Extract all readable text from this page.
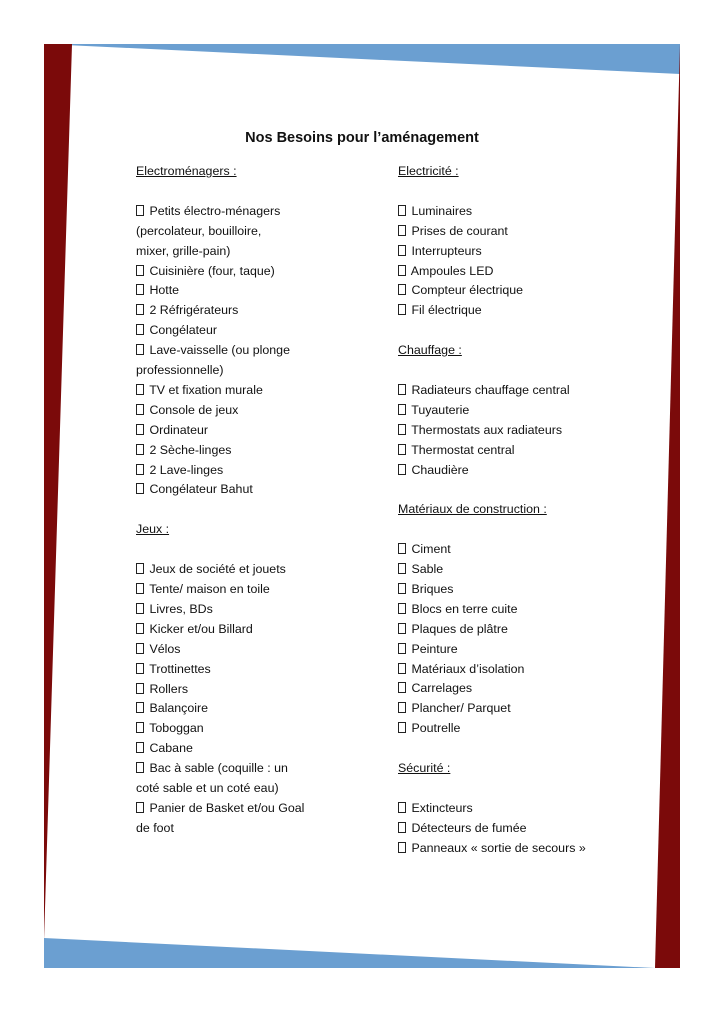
Nos Besoins pour l’aménagement
Electroménagers :
Petits électro-ménagers
(percolateur, bouilloire,
mixer, grille-pain)
Cuisinière (four, taque)
Hotte
2 Réfrigérateurs
Congélateur
Lave-vaisselle (ou plonge
professionnelle)
TV et fixation murale
Console de jeux
Ordinateur
2 Sèche-linges
2 Lave-linges
Congélateur Bahut
Jeux :
Jeux de société et jouets
Tente/ maison en toile
Livres, BDs
Kicker et/ou Billard
Vélos
Trottinettes
Rollers
Balançoire
Toboggan
Cabane
Bac à sable (coquille : un
coté sable et un coté eau)
Panier de Basket et/ou Goal
de foot
Electricité :
Luminaires
Prises de courant
Interrupteurs
Ampoules LED
Compteur électrique
Fil électrique
Chauffage :
Radiateurs chauffage central
Tuyauterie
Thermostats aux radiateurs
Thermostat central
Chaudière
Matériaux de construction :
Ciment
Sable
Briques
Blocs en terre cuite
Plaques de plâtre
Peinture
Matériaux d’isolation
Carrelages
Plancher/ Parquet
Poutrelle
Sécurité :
Extincteurs
Détecteurs de fumée
Panneaux « sortie de secours »
